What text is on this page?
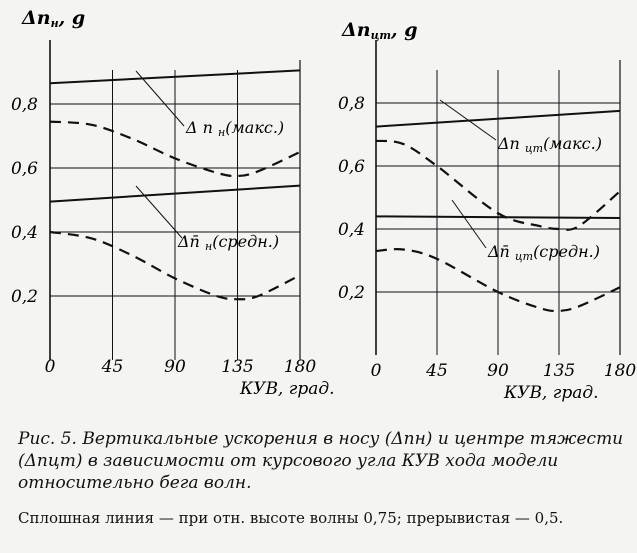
0,2
0,4
0,6
0,8
0	45 90 135 180
Δ n н(макс.)
Δn̄ н(средн.)
Δnн, g
КУВ, град.
0,2
0,4
0,6
0,8
0	45 90 135 180
Δn цт(макс.)
Δn̄ цт(средн.)
Δnцт, g
КУВ, град.
Рис. 5. Вертикальные ускорения в носу (Δnн) и центре тяжести (Δnцт) в зависимости от курсового угла КУВ хода модели относительно бега волн.
Сплошная линия — при отн. высоте волны 0,75; прерывистая — 0,5.
